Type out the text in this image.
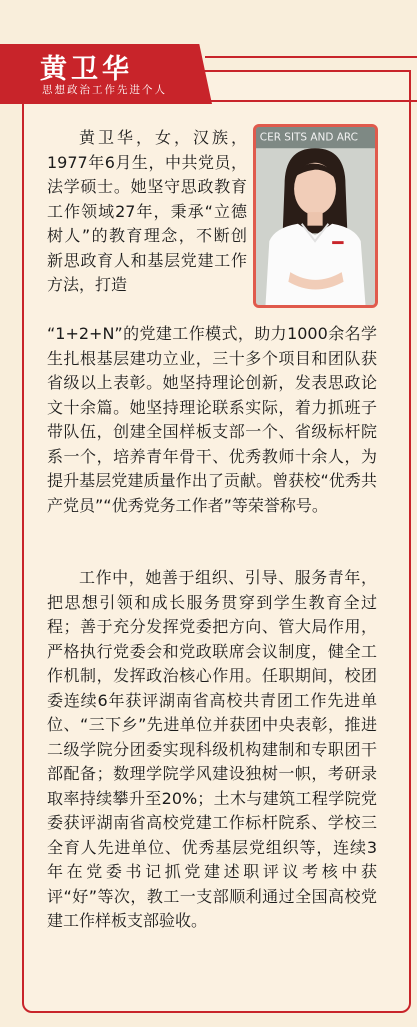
黄卫华
思想政治工作先进个人
CER SITS AND ARC

黄卫华，女，汉族，1977年6月生，中共党员，法学硕士。她坚守思政教育工作领域27年，秉承“立德树人”的教育理念，不断创新思政育人和基层党建工作方法，打造

“1+2+N”的党建工作模式，助力1000余名学生扎根基层建功立业，三十多个项目和团队获省级以上表彰。她坚持理论创新，发表思政论文十余篇。她坚持理论联系实际，着力抓班子带队伍，创建全国样板支部一个、省级标杆院系一个，培养青年骨干、优秀教师十余人，为提升基层党建质量作出了贡献。曾获校“优秀共产党员”“优秀党务工作者”等荣誉称号。

工作中，她善于组织、引导、服务青年，把思想引领和成长服务贯穿到学生教育全过程；善于充分发挥党委把方向、管大局作用，严格执行党委会和党政联席会议制度，健全工作机制，发挥政治核心作用。任职期间，校团委连续6年获评湖南省高校共青团工作先进单位、“三下乡”先进单位并获团中央表彰，推进二级学院分团委实现科级机构建制和专职团干部配备；数理学院学风建设独树一帜，考研录取率持续攀升至20%；土木与建筑工程学院党委获评湖南省高校党建工作标杆院系、学校三全育人先进单位、优秀基层党组织等，连续3年在党委书记抓党建述职评议考核中获评“好”等次，教工一支部顺利通过全国高校党建工作样板支部验收。
